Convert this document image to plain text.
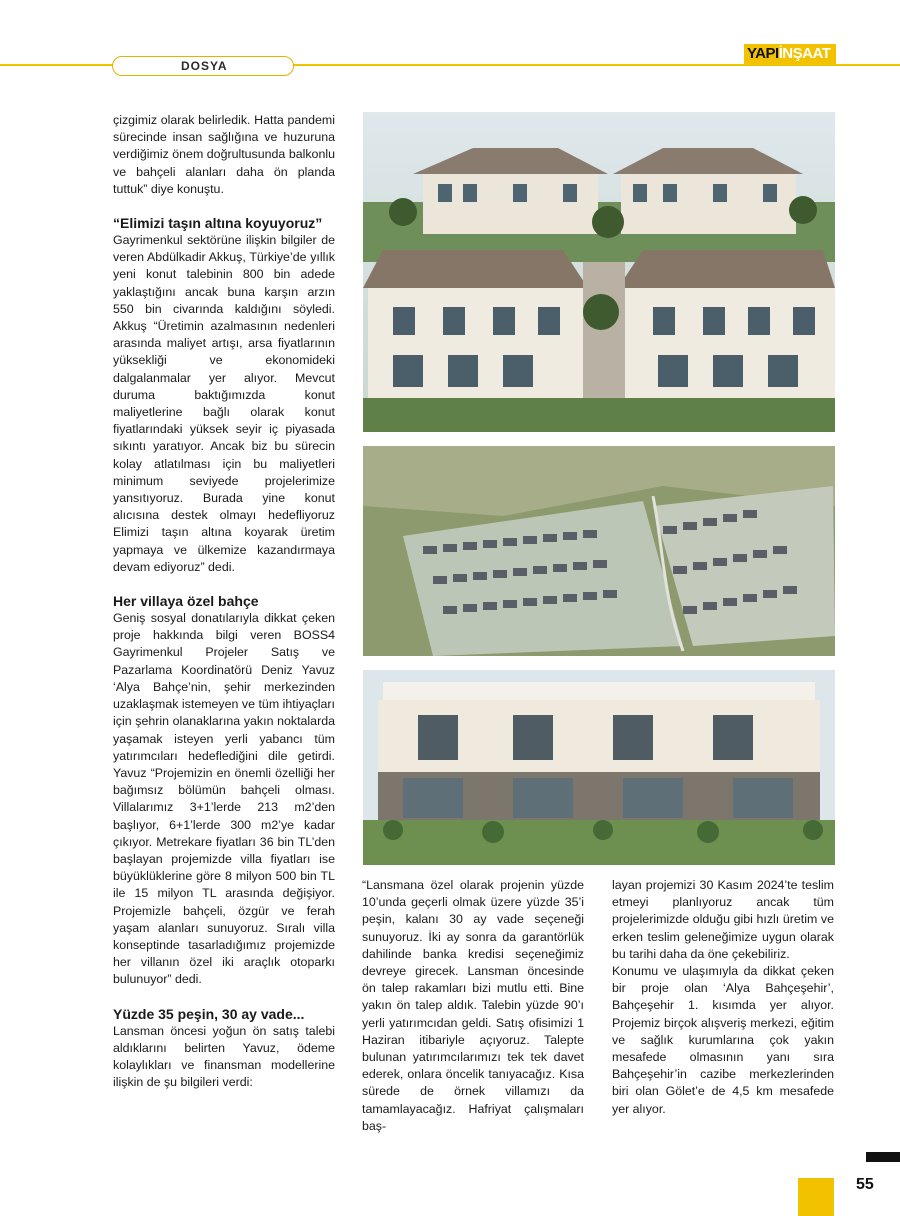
DOSYA
YAPIİNŞAAT

çizgimiz olarak belirledik. Hatta pandemi sürecinde insan sağlığına ve huzuruna verdiğimiz önem doğrultusunda balkonlu ve bahçeli alanları daha ön planda tuttuk” diye konuştu.

“Elimizi taşın altına koyuyoruz”

Gayrimenkul sektörüne ilişkin bilgiler de veren Abdülkadir Akkuş, Türkiye’de yıllık yeni konut talebinin 800 bin adede yaklaştığını ancak buna karşın arzın 550 bin civarında kaldığını söyledi. Akkuş “Üretimin azalmasının nedenleri arasında maliyet artışı, arsa fiyatlarının yüksekliği ve ekonomideki dalgalanmalar yer alıyor. Mevcut duruma baktığımızda konut maliyetlerine bağlı olarak konut fiyatlarındaki yüksek seyir iç piyasada sıkıntı yaratıyor. Ancak biz bu sürecin kolay atlatılması için bu maliyetleri minimum seviyede projelerimize yansıtıyoruz. Burada yine konut alıcısına destek olmayı hedefliyoruz Elimizi taşın altına koyarak üretim yapmaya ve ülkemize kazandırmaya devam ediyoruz” dedi.

Her villaya özel bahçe

Geniş sosyal donatılarıyla dikkat çeken proje hakkında bilgi veren BOSS4 Gayrimenkul Projeler Satış ve Pazarlama Koordinatörü Deniz Yavuz ‘Alya Bahçe’nin, şehir merkezinden uzaklaşmak istemeyen ve tüm ihtiyaçları için şehrin olanaklarına yakın noktalarda yaşamak isteyen yerli yabancı tüm yatırımcıları hedeflediğini dile getirdi. Yavuz “Projemizin en önemli özelliği her bağımsız bölümün bahçeli olması. Villalarımız 3+1’lerde 213 m2’den başlıyor, 6+1’lerde 300 m2’ye kadar çıkıyor. Metrekare fiyatları 36 bin TL’den başlayan projemizde villa fiyatları ise büyüklüklerine göre 8 milyon 500 bin TL ile 15 milyon TL arasında değişiyor. Projemizle bahçeli, özgür ve ferah yaşam alanları sunuyoruz. Sıralı villa konseptinde tasarladığımız projemizde her villanın özel iki araçlık otoparkı bulunuyor” dedi.

Yüzde 35 peşin, 30 ay vade...

Lansman öncesi yoğun ön satış talebi aldıklarını belirten Yavuz, ödeme kolaylıkları ve finansman modellerine ilişkin de şu bilgileri verdi:

“Lansmana özel olarak projenin yüzde 10’unda geçerli olmak üzere yüzde 35’i peşin, kalanı 30 ay vade seçeneği sunuyoruz. İki ay sonra da garantörlük dahilinde banka kredisi seçeneğimiz devreye girecek. Lansman öncesinde ön talep rakamları bizi mutlu etti. Bine yakın ön talep aldık. Talebin yüzde 90’ı yerli yatırımcıdan geldi. Satış ofisimizi 1 Haziran itibariyle açıyoruz. Talepte bulunan yatırımcılarımızı tek tek davet ederek, onlara öncelik tanıyacağız. Kısa sürede de örnek villamızı da tamamlayacağız. Hafriyat çalışmaları baş-

layan projemizi 30 Kasım 2024’te teslim etmeyi planlıyoruz ancak tüm projelerimizde olduğu gibi hızlı üretim ve erken teslim geleneğimize uygun olarak bu tarihi daha da öne çekebiliriz.

Konumu ve ulaşımıyla da dikkat çeken bir proje olan ‘Alya Bahçeşehir’, Bahçeşehir 1. kısımda yer alıyor. Projemiz birçok alışveriş merkezi, eğitim ve sağlık kurumlarına çok yakın mesafede olmasının yanı sıra Bahçeşehir’in cazibe merkezlerinden biri olan Gölet’e de 4,5 km mesafede yer alıyor.

55
